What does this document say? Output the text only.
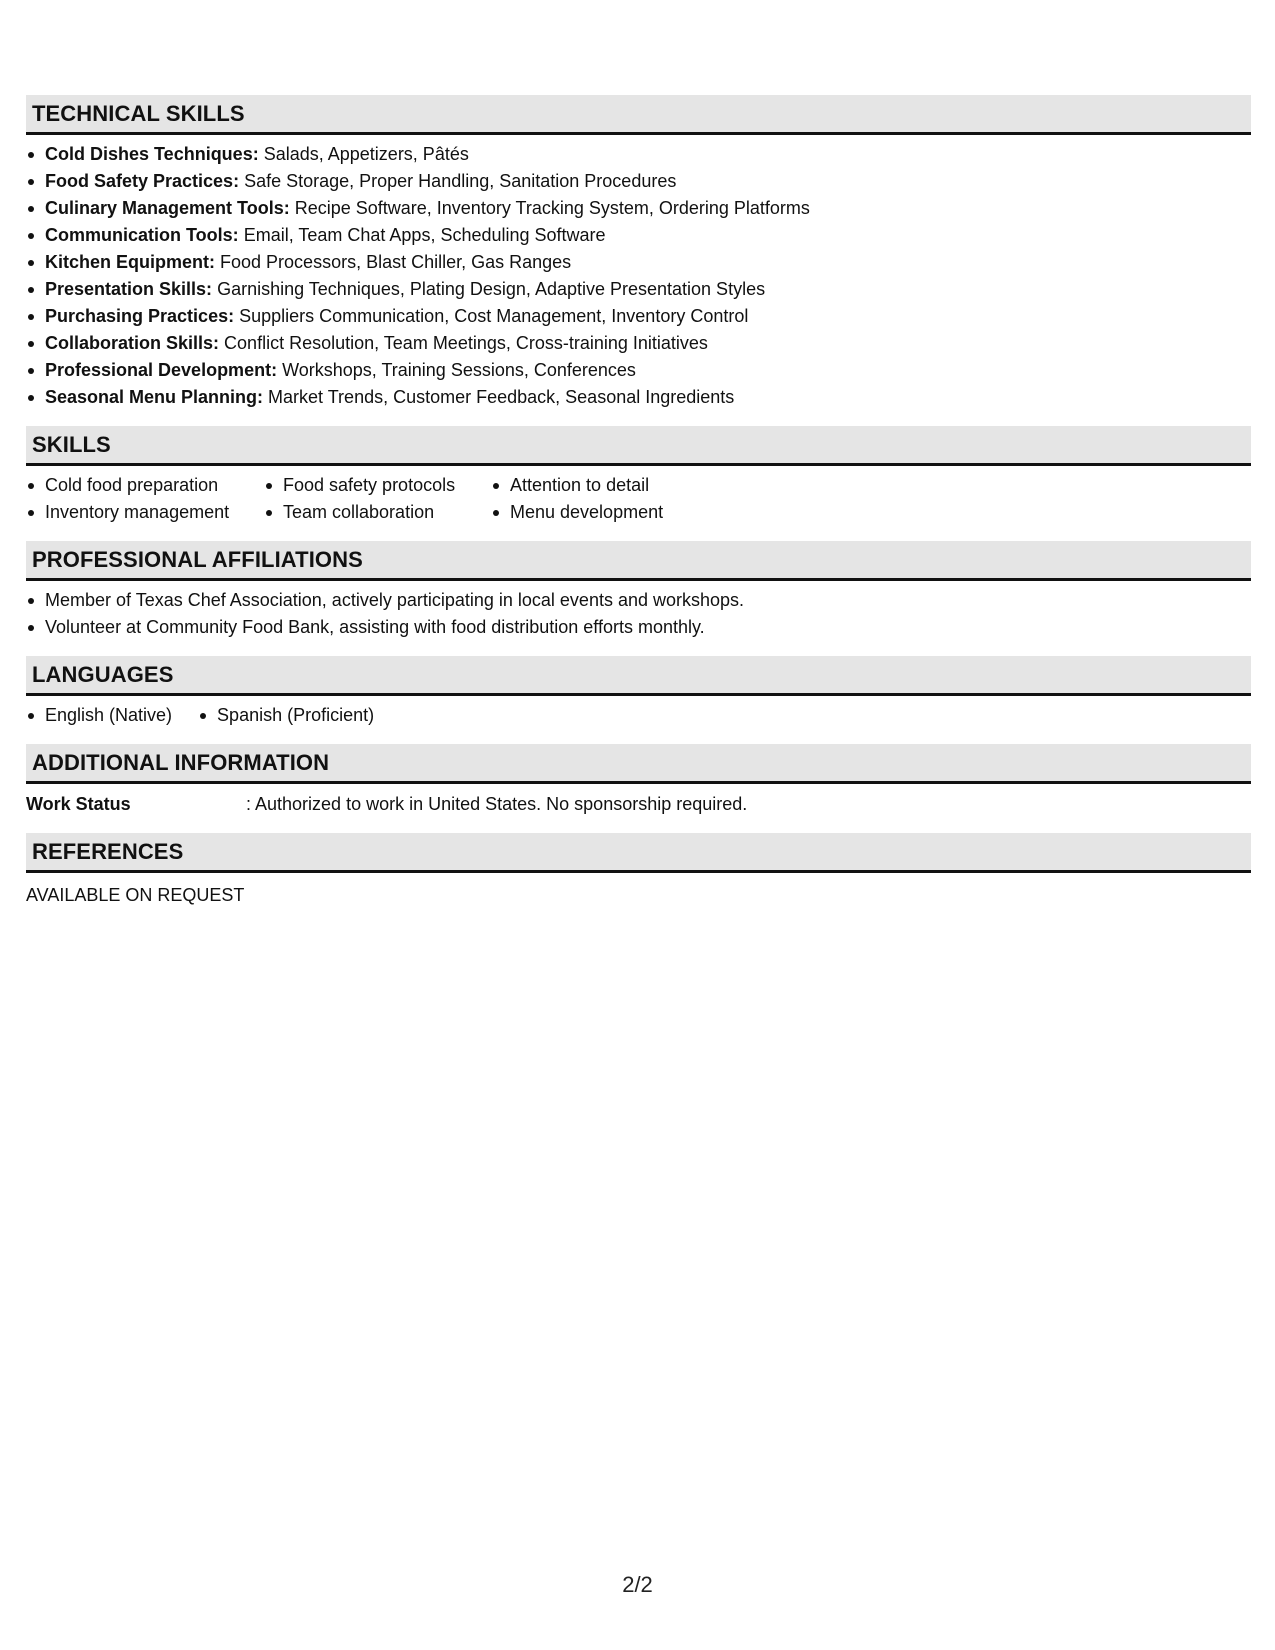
TECHNICAL SKILLS
Cold Dishes Techniques: Salads, Appetizers, Pâtés
Food Safety Practices: Safe Storage, Proper Handling, Sanitation Procedures
Culinary Management Tools: Recipe Software, Inventory Tracking System, Ordering Platforms
Communication Tools: Email, Team Chat Apps, Scheduling Software
Kitchen Equipment: Food Processors, Blast Chiller, Gas Ranges
Presentation Skills: Garnishing Techniques, Plating Design, Adaptive Presentation Styles
Purchasing Practices: Suppliers Communication, Cost Management, Inventory Control
Collaboration Skills: Conflict Resolution, Team Meetings, Cross-training Initiatives
Professional Development: Workshops, Training Sessions, Conferences
Seasonal Menu Planning: Market Trends, Customer Feedback, Seasonal Ingredients
SKILLS
Cold food preparation	Food safety protocols	Attention to detail
Inventory management	Team collaboration	Menu development
PROFESSIONAL AFFILIATIONS
Member of Texas Chef Association, actively participating in local events and workshops.
Volunteer at Community Food Bank, assisting with food distribution efforts monthly.
LANGUAGES
English (Native)	Spanish (Proficient)
ADDITIONAL INFORMATION
Work Status	: Authorized to work in United States. No sponsorship required.
REFERENCES
AVAILABLE ON REQUEST
2/2
